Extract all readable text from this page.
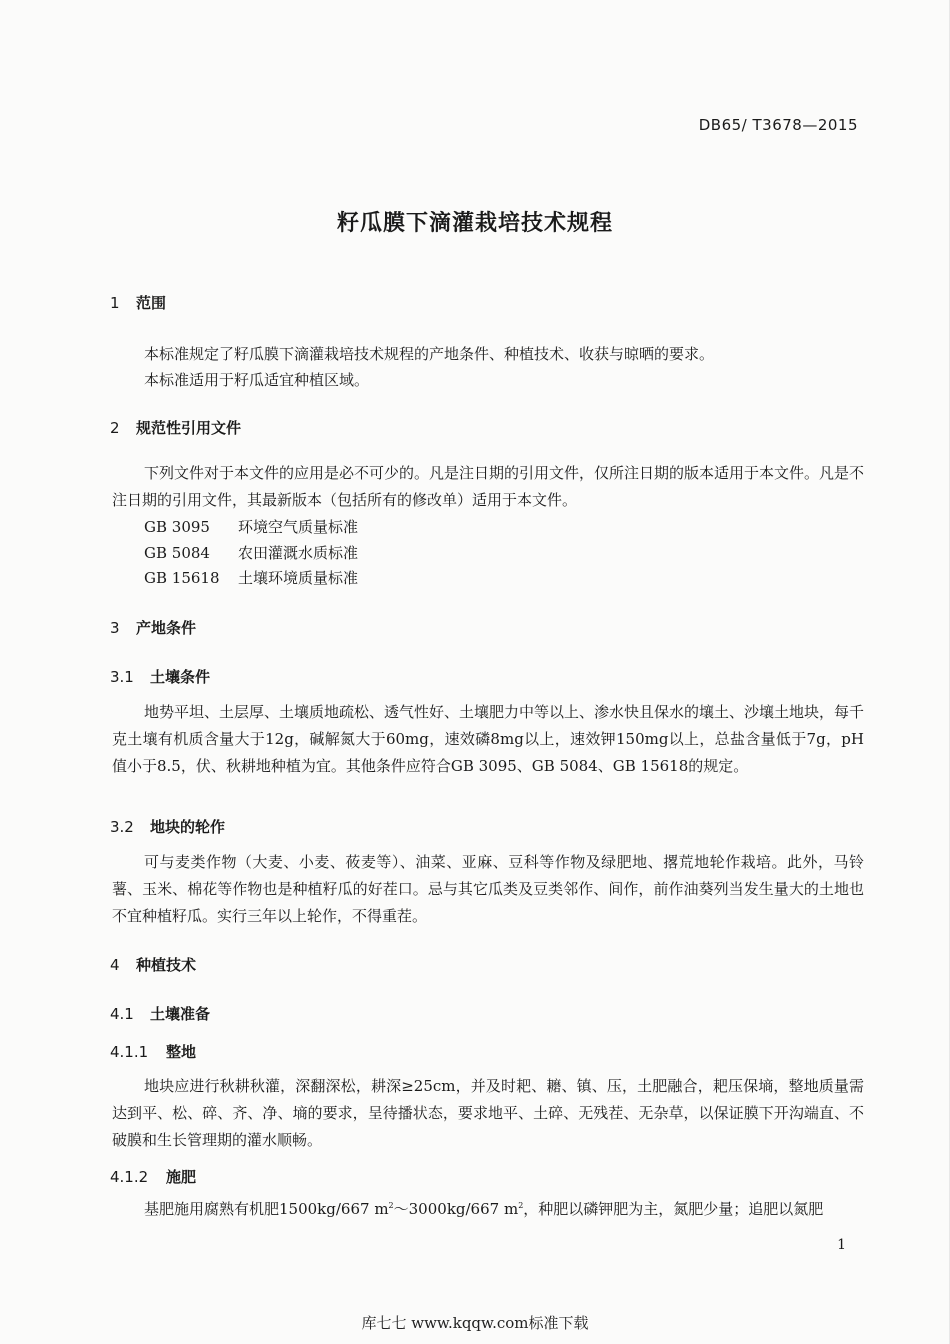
DB65/ T3678—2015
籽瓜膜下滴灌栽培技术规程
1 范围
本标准规定了籽瓜膜下滴灌栽培技术规程的产地条件、种植技术、收获与晾晒的要求。
本标准适用于籽瓜适宜种植区域。
2 规范性引用文件
下列文件对于本文件的应用是必不可少的。凡是注日期的引用文件，仅所注日期的版本适用于本文件。凡是不注日期的引用文件，其最新版本（包括所有的修改单）适用于本文件。
GB 3095 环境空气质量标准
GB 5084 农田灌溉水质标准
GB 15618 土壤环境质量标准
3 产地条件
3.1 土壤条件
地势平坦、土层厚、土壤质地疏松、透气性好、土壤肥力中等以上、渗水快且保水的壤土、沙壤土地块，每千克土壤有机质含量大于12g，碱解氮大于60mg，速效磷8mg以上，速效钾150mg以上，总盐含量低于7g，pH值小于8.5，伏、秋耕地种植为宜。其他条件应符合GB 3095、GB 5084、GB 15618的规定。
3.2 地块的轮作
可与麦类作物（大麦、小麦、莜麦等）、油菜、亚麻、豆科等作物及绿肥地、撂荒地轮作栽培。此外，马铃薯、玉米、棉花等作物也是种植籽瓜的好茬口。忌与其它瓜类及豆类邻作、间作，前作油葵列当发生量大的土地也不宜种植籽瓜。实行三年以上轮作，不得重茬。
4 种植技术
4.1 土壤准备
4.1.1 整地
地块应进行秋耕秋灌，深翻深松，耕深≥25cm，并及时耙、耱、镇、压，土肥融合，耙压保墒，整地质量需达到平、松、碎、齐、净、墒的要求，呈待播状态，要求地平、土碎、无残茬、无杂草，以保证膜下开沟端直、不破膜和生长管理期的灌水顺畅。
4.1.2 施肥
基肥施用腐熟有机肥1500kg/667 $m^2\sim 3000kg/667$ $m^2$，种肥以磷钾肥为主，氮肥少量；追肥以氮肥
1
库七七 www.kqqw.com标准下载
